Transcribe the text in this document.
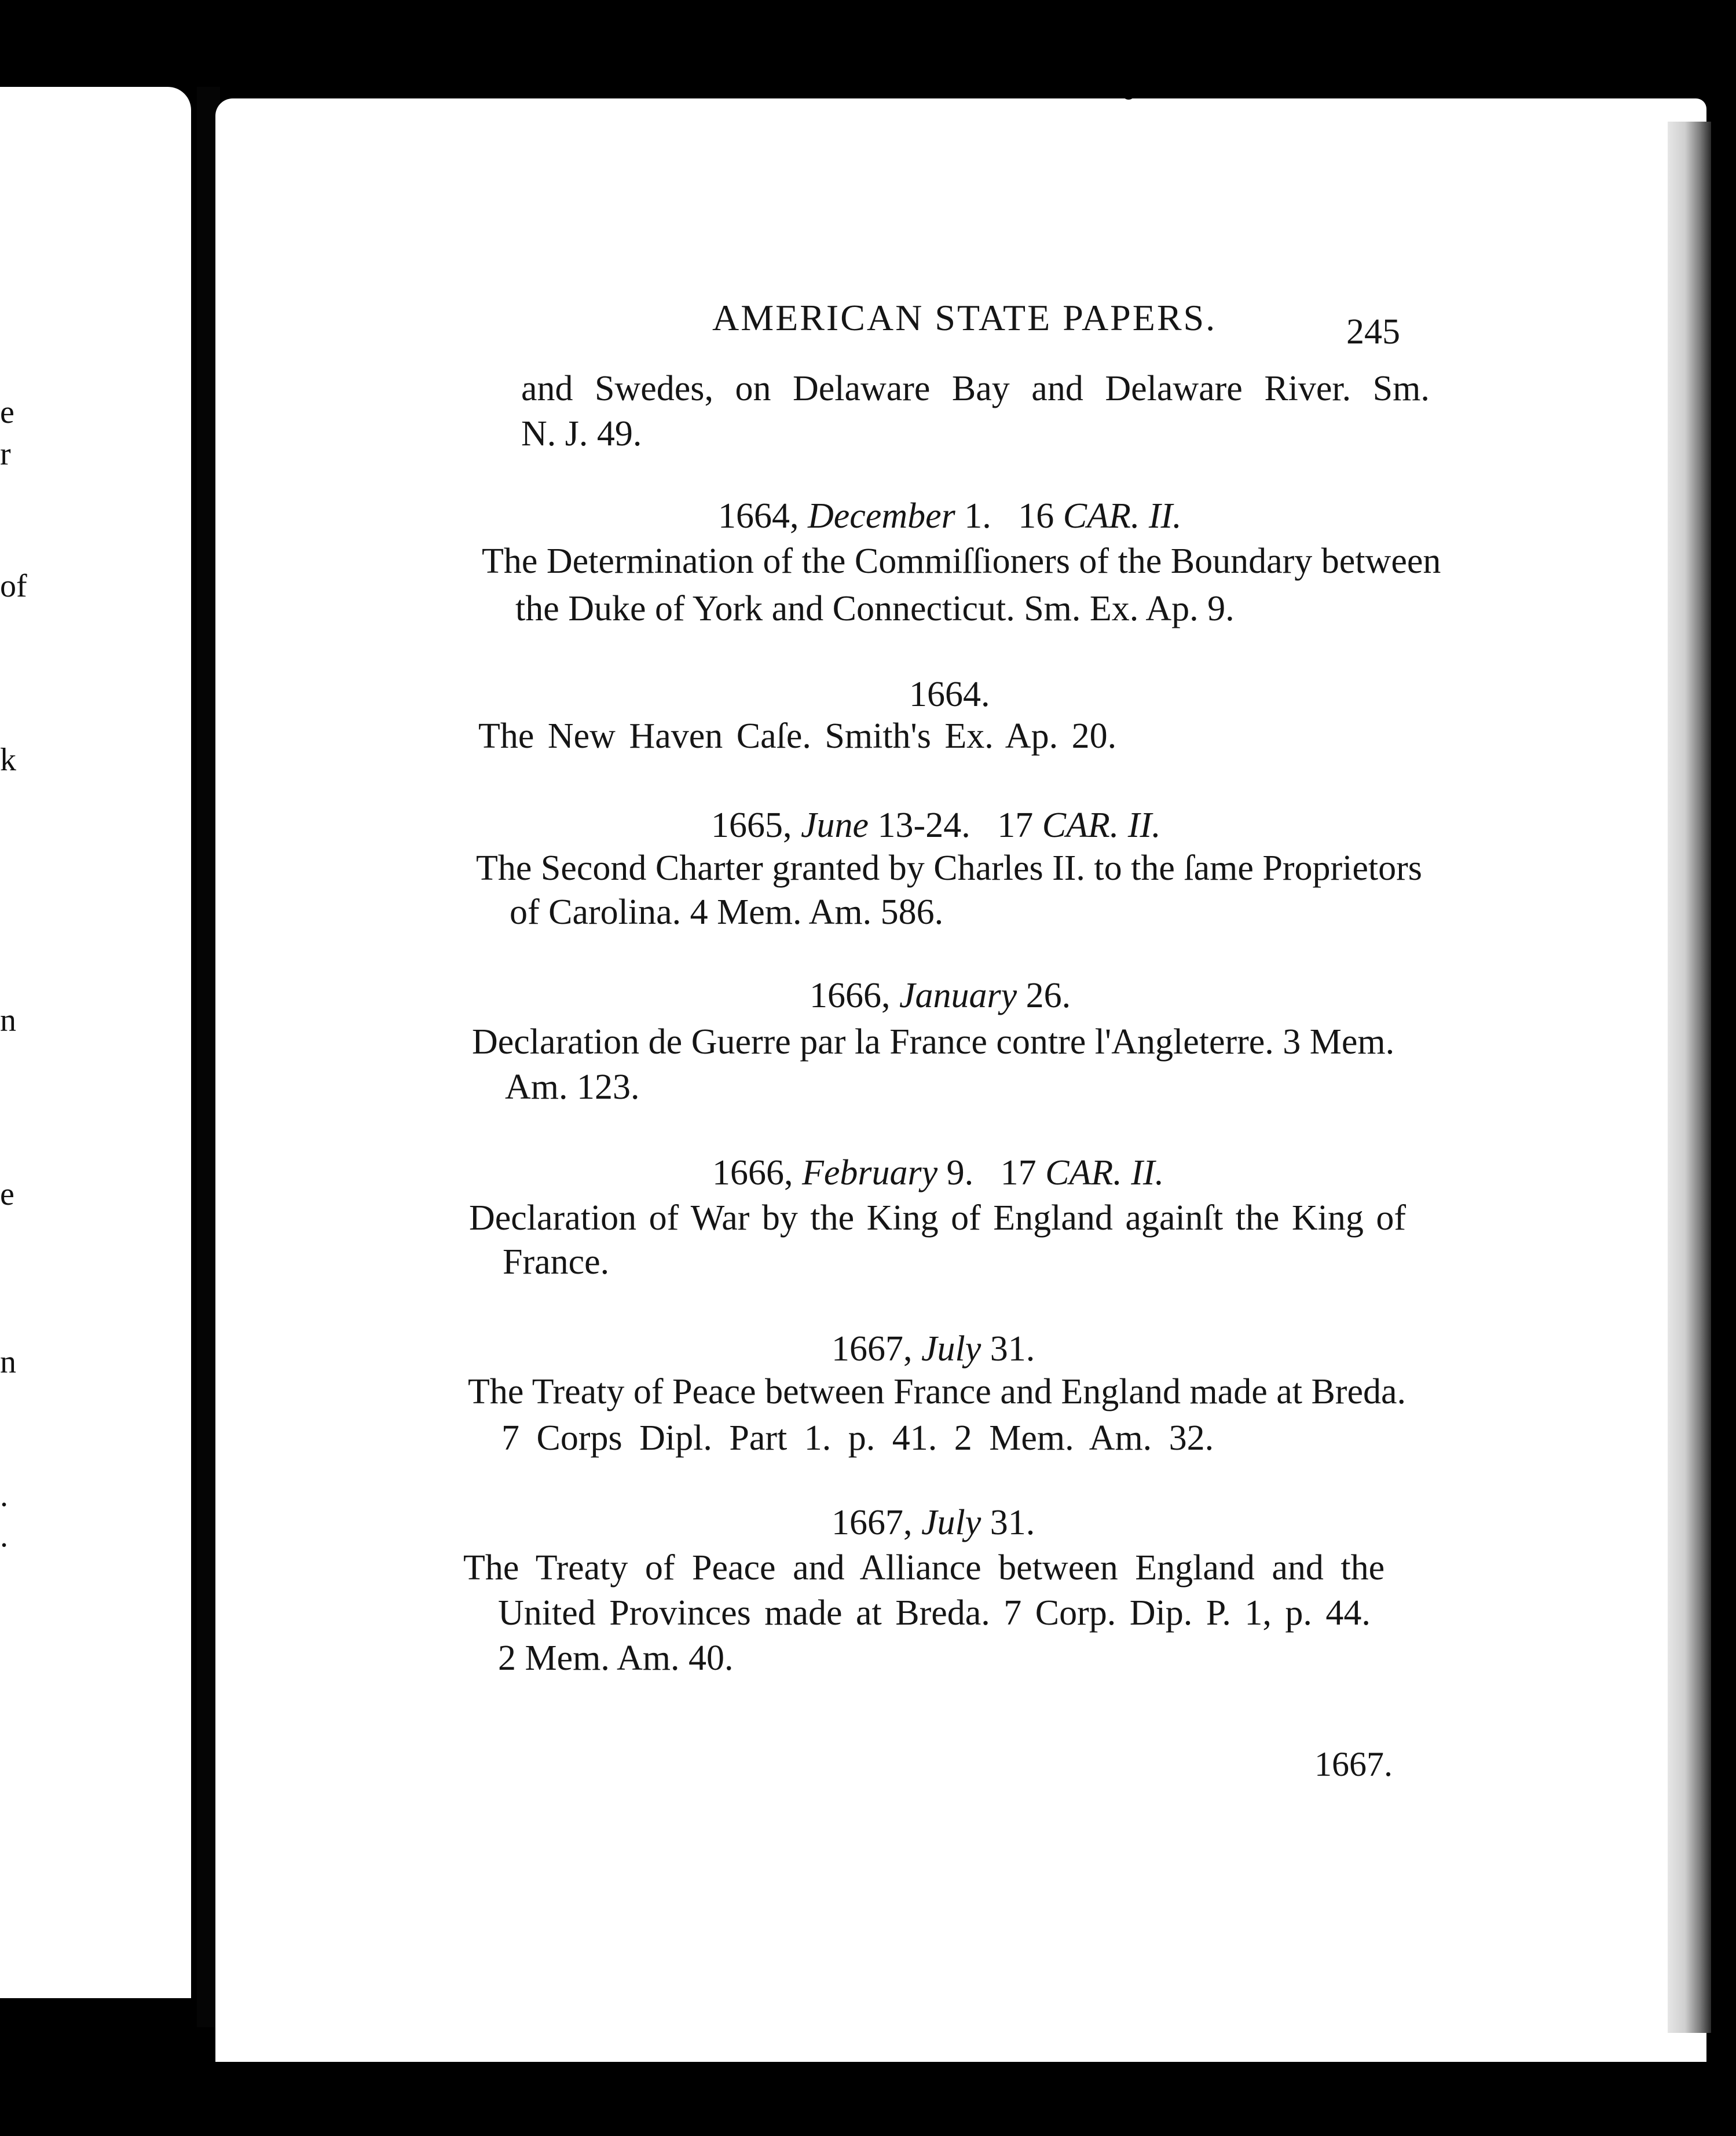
e
r
of
k
n
e
n
.
.
AMERICAN STATE PAPERS.	245
and Swedes, on Delaware Bay and Delaware River. Sm.
N. J. 49.
1664, December 1. 16 CAR. II.
The Determination of the Commiſſioners of the Boundary between
the Duke of York and Connecticut. Sm. Ex. Ap. 9.
1664.
The New Haven Caſe. Smith's Ex. Ap. 20.
1665, June 13-24. 17 CAR. II.
The Second Charter granted by Charles II. to the ſame Proprietors
of Carolina. 4 Mem. Am. 586.
1666, January 26.
Declaration de Guerre par la France contre l'Angleterre. 3 Mem.
Am. 123.
1666, February 9. 17 CAR. II.
Declaration of War by the King of England againſt the King of
France.
1667, July 31.
The Treaty of Peace between France and England made at Breda.
7 Corps Dipl. Part 1. p. 41. 2 Mem. Am. 32.
1667, July 31.
The Treaty of Peace and Alliance between England and the
United Provinces made at Breda. 7 Corp. Dip. P. 1, p. 44.
2 Mem. Am. 40.
1667.
